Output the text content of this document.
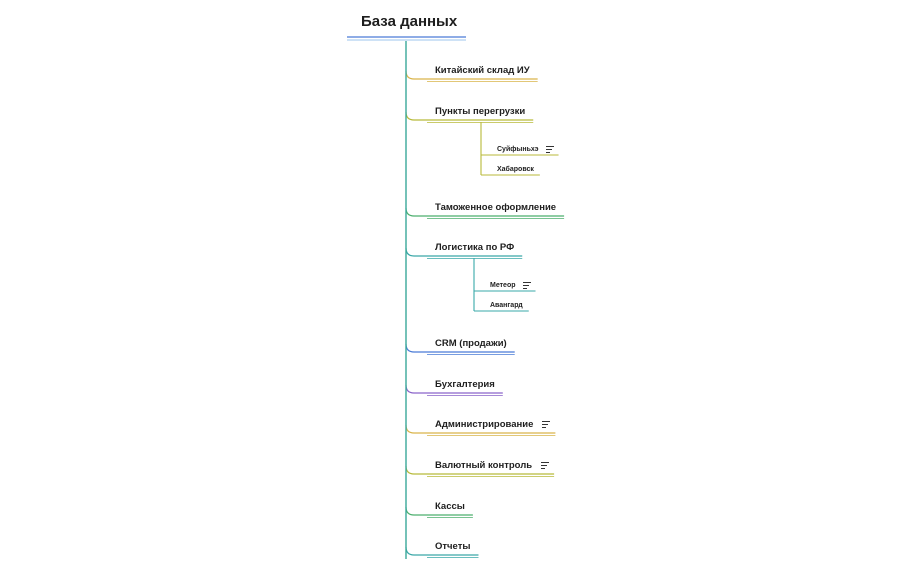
База данных
Китайский склад ИУ
Пункты перегрузки
Суйфыньхэ
Хабаровск
Таможенное оформление
Логистика по РФ
Метеор
Авангард
CRM (продажи)
Бухгалтерия
Администрирование
Валютный контроль
Кассы
Отчеты
